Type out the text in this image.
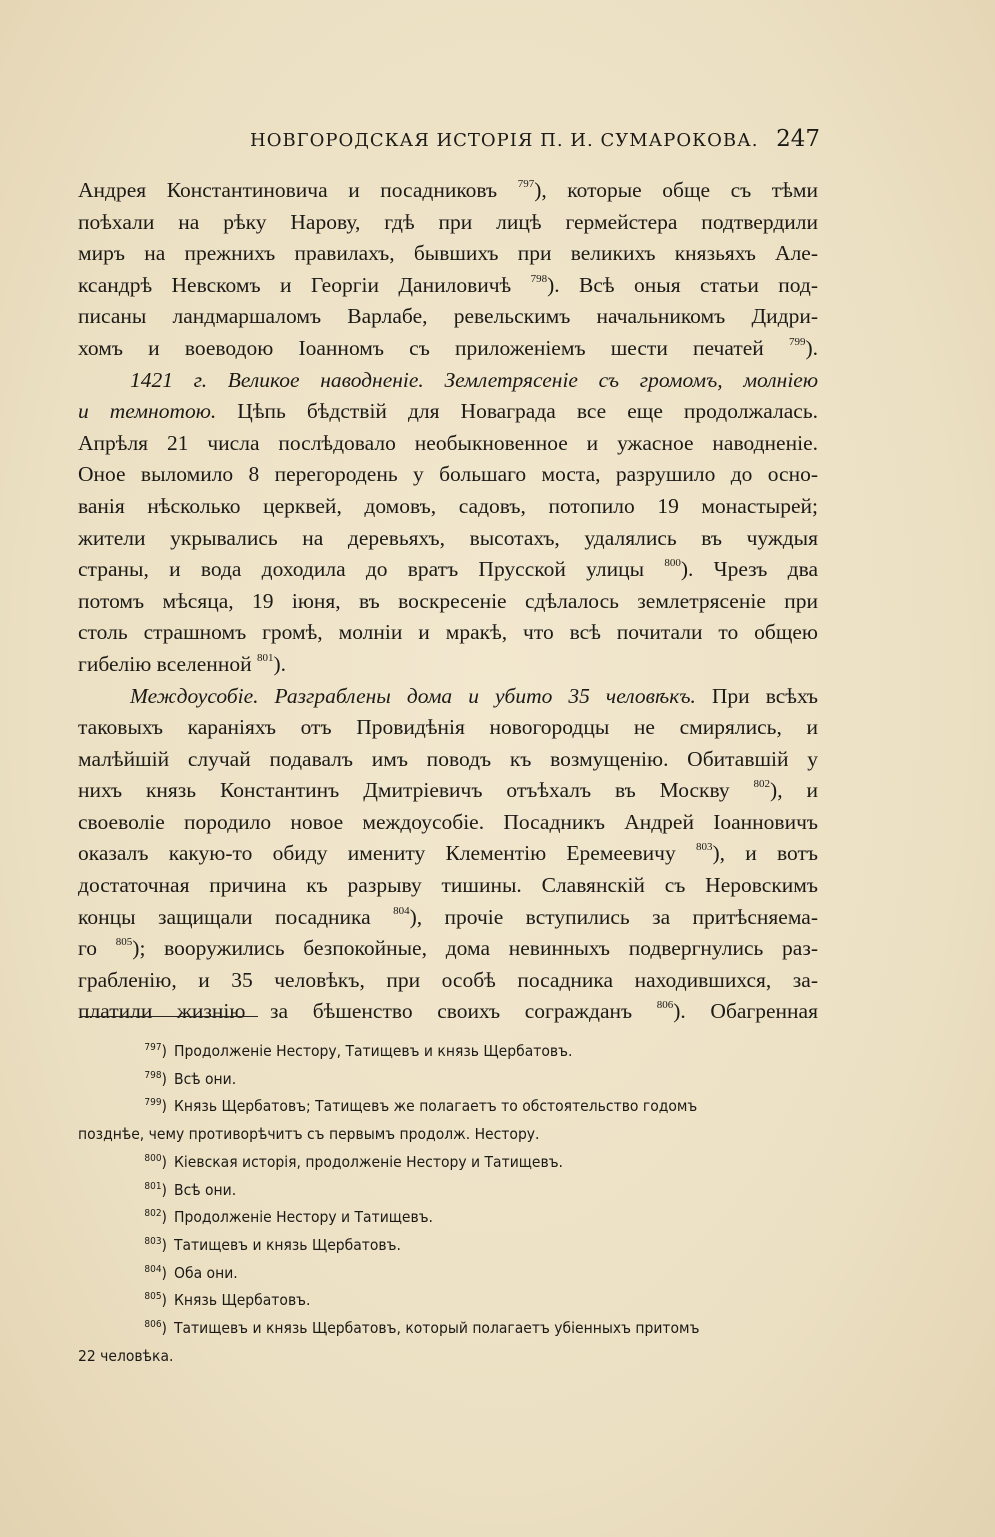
НОВГОРОДСКАЯ ИСТОРІЯ П. И. СУМАРОКОВА. 247
Андрея Константиновича и посадниковъ $^{797}$), которые обще съ тѣми
поѣхали на рѣку Нарову, гдѣ при лицѣ гермейстера подтвердили
миръ на прежнихъ правилахъ, бывшихъ при великихъ князьяхъ Але-
ксандрѣ Невскомъ и Георгіи Даниловичѣ $^{798}$). Всѣ оныя статьи под-
писаны ландмаршаломъ Варлабе, ревельскимъ начальникомъ Дидри-
хомъ и воеводою Іоанномъ съ приложеніемъ шести печатей $^{799}$).
1421 г. Великое наводненіе. Землетрясеніе съ громомъ, молніею
и темнотою. Цѣпь бѣдствій для Новаграда все еще продолжалась.
Апрѣля 21 числа послѣдовало необыкновенное и ужасное наводненіе.
Оное выломило 8 перегородень у большаго моста, разрушило до осно-
ванія нѣсколько церквей, домовъ, садовъ, потопило 19 монастырей;
жители укрывались на деревьяхъ, высотахъ, удалялись въ чуждыя
страны, и вода доходила до вратъ Прусской улицы $^{800}$). Чрезъ два
потомъ мѣсяца, 19 іюня, въ воскресеніе сдѣлалось землетрясеніе при
столь страшномъ громѣ, молніи и мракѣ, что всѣ почитали то общею
гибелію вселенной $^{801}$).
Междоусобіе. Разграблены дома и убито 35 человѣкъ. При всѣхъ
таковыхъ караніяхъ отъ Провидѣнія новогородцы не смирялись, и
малѣйшій случай подавалъ имъ поводъ къ возмущенію. Обитавшій у
нихъ князь Константинъ Дмитріевичъ отъѣхалъ въ Москву $^{802}$), и
своеволіе породило новое междоусобіе. Посадникъ Андрей Іоанновичъ
оказалъ какую-то обиду имениту Клементію Еремеевичу $^{803}$), и вотъ
достаточная причина къ разрыву тишины. Славянскій съ Неровскимъ
концы защищали посадника $^{804}$), прочіе вступились за притѣсняема-
го $^{805}$); вооружились безпокойные, дома невинныхъ подвергнулись раз-
грабленію, и 35 человѣкъ, при особѣ посадника находившихся, за-
платили жизнію за бѣшенство своихъ согражданъ $^{806}$). Обагренная
$^{797}$) Продолженіе Нестору, Татищевъ и князь Щербатовъ.
$^{798}$) Всѣ они.
$^{799}$) Князь Щербатовъ; Татищевъ же полагаетъ то обстоятельство годомъ
позднѣе, чему противорѣчитъ съ первымъ продолж. Нестору.
$^{800}$) Кіевская исторія, продолженіе Нестору и Татищевъ.
$^{801}$) Всѣ они.
$^{802}$) Продолженіе Нестору и Татищевъ.
$^{803}$) Татищевъ и князь Щербатовъ.
$^{804}$) Оба они.
$^{805}$) Князь Щербатовъ.
$^{806}$) Татищевъ и князь Щербатовъ, который полагаетъ убіенныхъ притомъ
22 человѣка.
